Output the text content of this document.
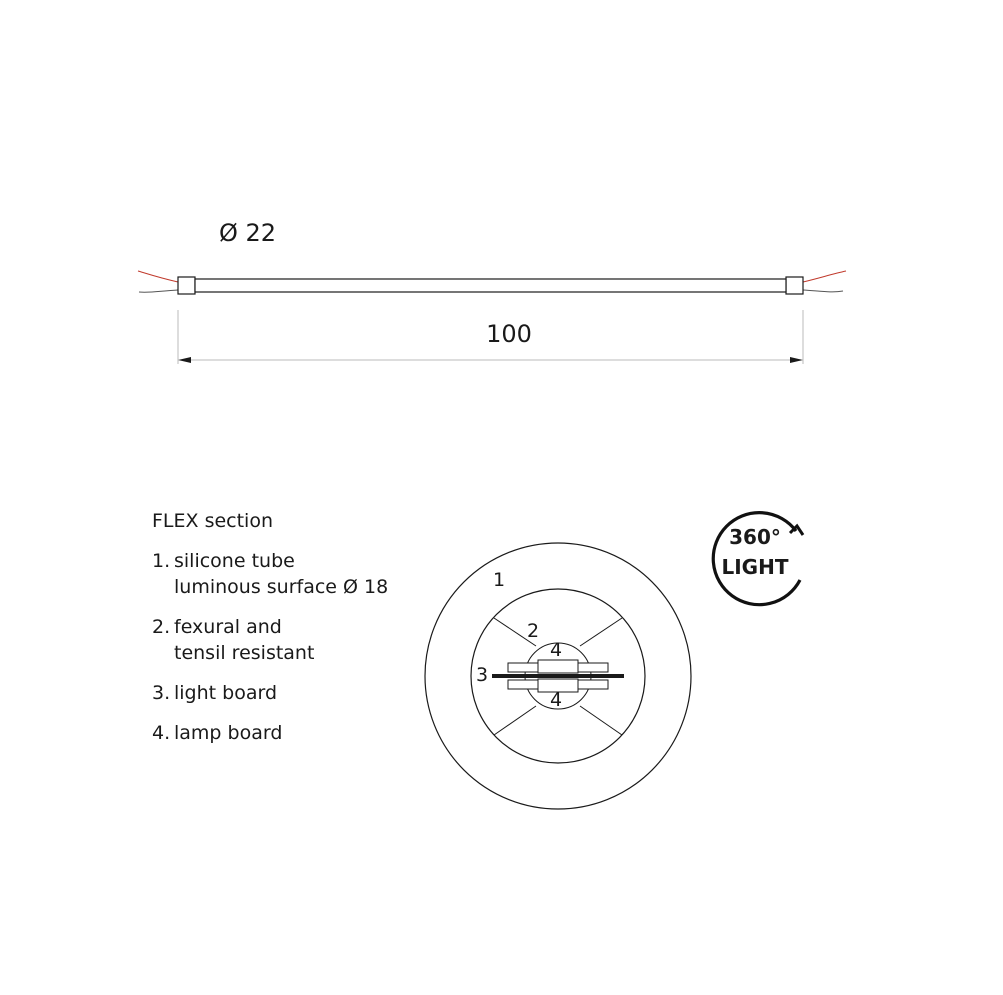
Ø 22
100
1
2
3
4
4
360°
LIGHT
FLEX section
1. silicone tube
luminous surface Ø 18
2. fexural and
tensil resistant
3. light board
4. lamp board
